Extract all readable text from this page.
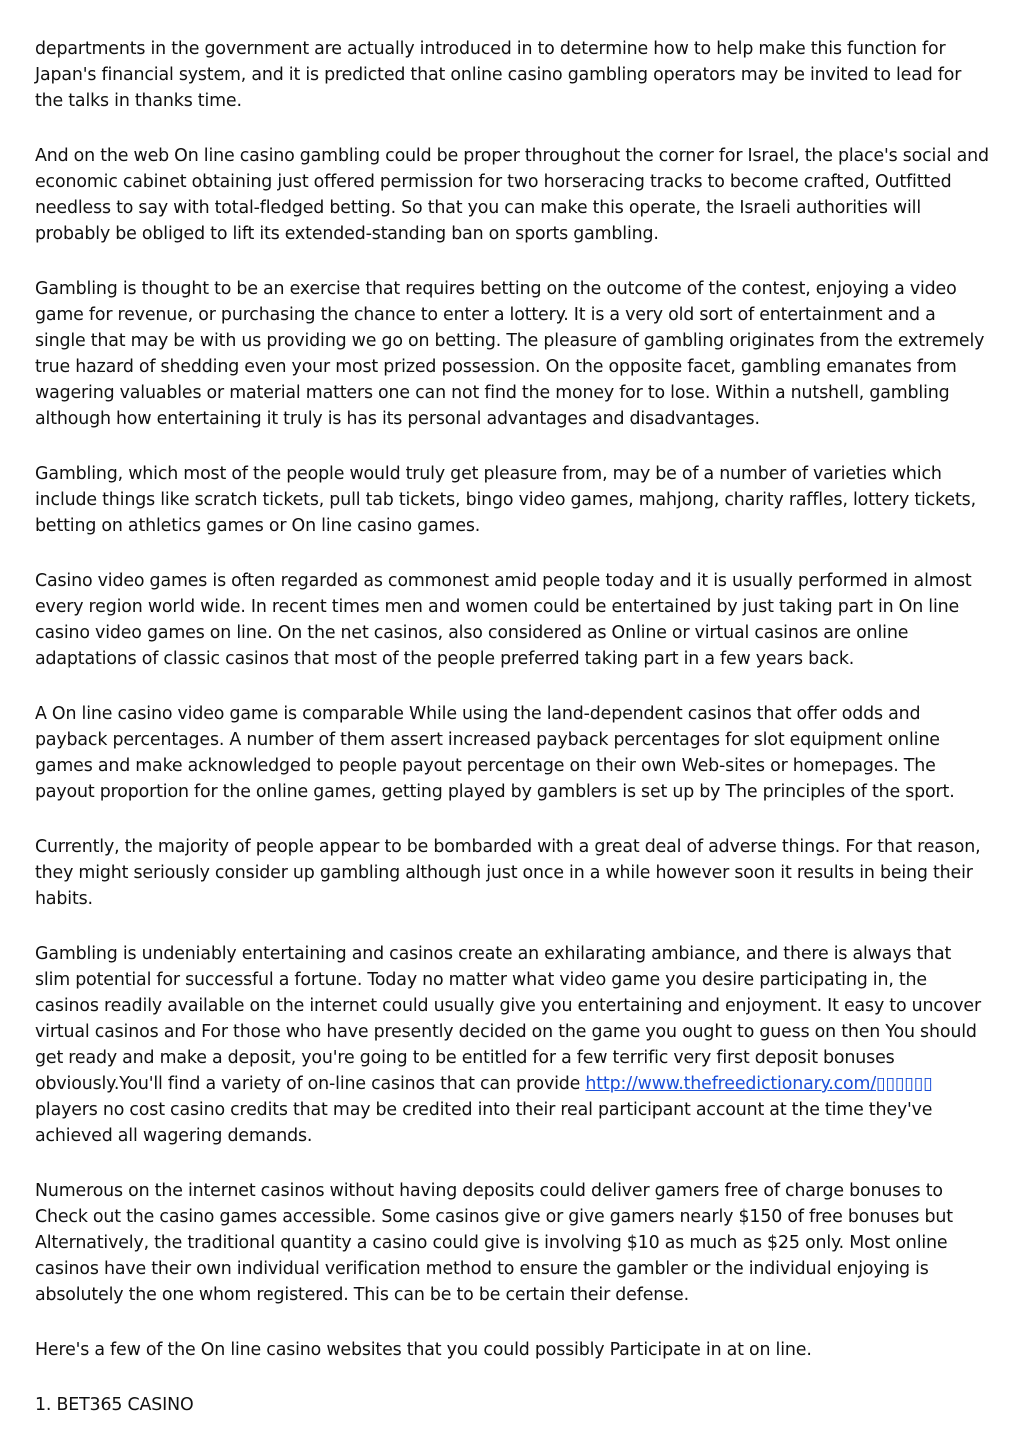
departments in the government are actually introduced in to determine how to help make this function for Japan's financial system, and it is predicted that online casino gambling operators may be invited to lead for the talks in thanks time.

And on the web On line casino gambling could be proper throughout the corner for Israel, the place's social and economic cabinet obtaining just offered permission for two horseracing tracks to become crafted, Outfitted needless to say with total-fledged betting. So that you can make this operate, the Israeli authorities will probably be obliged to lift its extended-standing ban on sports gambling.

Gambling is thought to be an exercise that requires betting on the outcome of the contest, enjoying a video game for revenue, or purchasing the chance to enter a lottery. It is a very old sort of entertainment and a single that may be with us providing we go on betting. The pleasure of gambling originates from the extremely true hazard of shedding even your most prized possession. On the opposite facet, gambling emanates from wagering valuables or material matters one can not find the money for to lose. Within a nutshell, gambling although how entertaining it truly is has its personal advantages and disadvantages.

Gambling, which most of the people would truly get pleasure from, may be of a number of varieties which include things like scratch tickets, pull tab tickets, bingo video games, mahjong, charity raffles, lottery tickets, betting on athletics games or On line casino games.

Casino video games is often regarded as commonest amid people today and it is usually performed in almost every region world wide. In recent times men and women could be entertained by just taking part in On line casino video games on line. On the net casinos, also considered as Online or virtual casinos are online adaptations of classic casinos that most of the people preferred taking part in a few years back.

A On line casino video game is comparable While using the land-dependent casinos that offer odds and payback percentages. A number of them assert increased payback percentages for slot equipment online games and make acknowledged to people payout percentage on their own Web-sites or homepages. The payout proportion for the online games, getting played by gamblers is set up by The principles of the sport.

Currently, the majority of people appear to be bombarded with a great deal of adverse things. For that reason, they might seriously consider up gambling although just once in a while however soon it results in being their habits.

Gambling is undeniably entertaining and casinos create an exhilarating ambiance, and there is always that slim potential for successful a fortune. Today no matter what video game you desire participating in, the casinos readily available on the internet could usually give you entertaining and enjoyment. It easy to uncover virtual casinos and For those who have presently decided on the game you ought to guess on then You should get ready and make a deposit, you're going to be entitled for a few terrific very first deposit bonuses obviously.You'll find a variety of on-line casinos that can provide http://www.thefreedictionary.com/▯▯▯▯▯▯ players no cost casino credits that may be credited into their real participant account at the time they've achieved all wagering demands.

Numerous on the internet casinos without having deposits could deliver gamers free of charge bonuses to Check out the casino games accessible. Some casinos give or give gamers nearly $150 of free bonuses but Alternatively, the traditional quantity a casino could give is involving $10 as much as $25 only. Most online casinos have their own individual verification method to ensure the gambler or the individual enjoying is absolutely the one whom registered. This can be to be certain their defense.

Here's a few of the On line casino websites that you could possibly Participate in at on line.

1. BET365 CASINO
